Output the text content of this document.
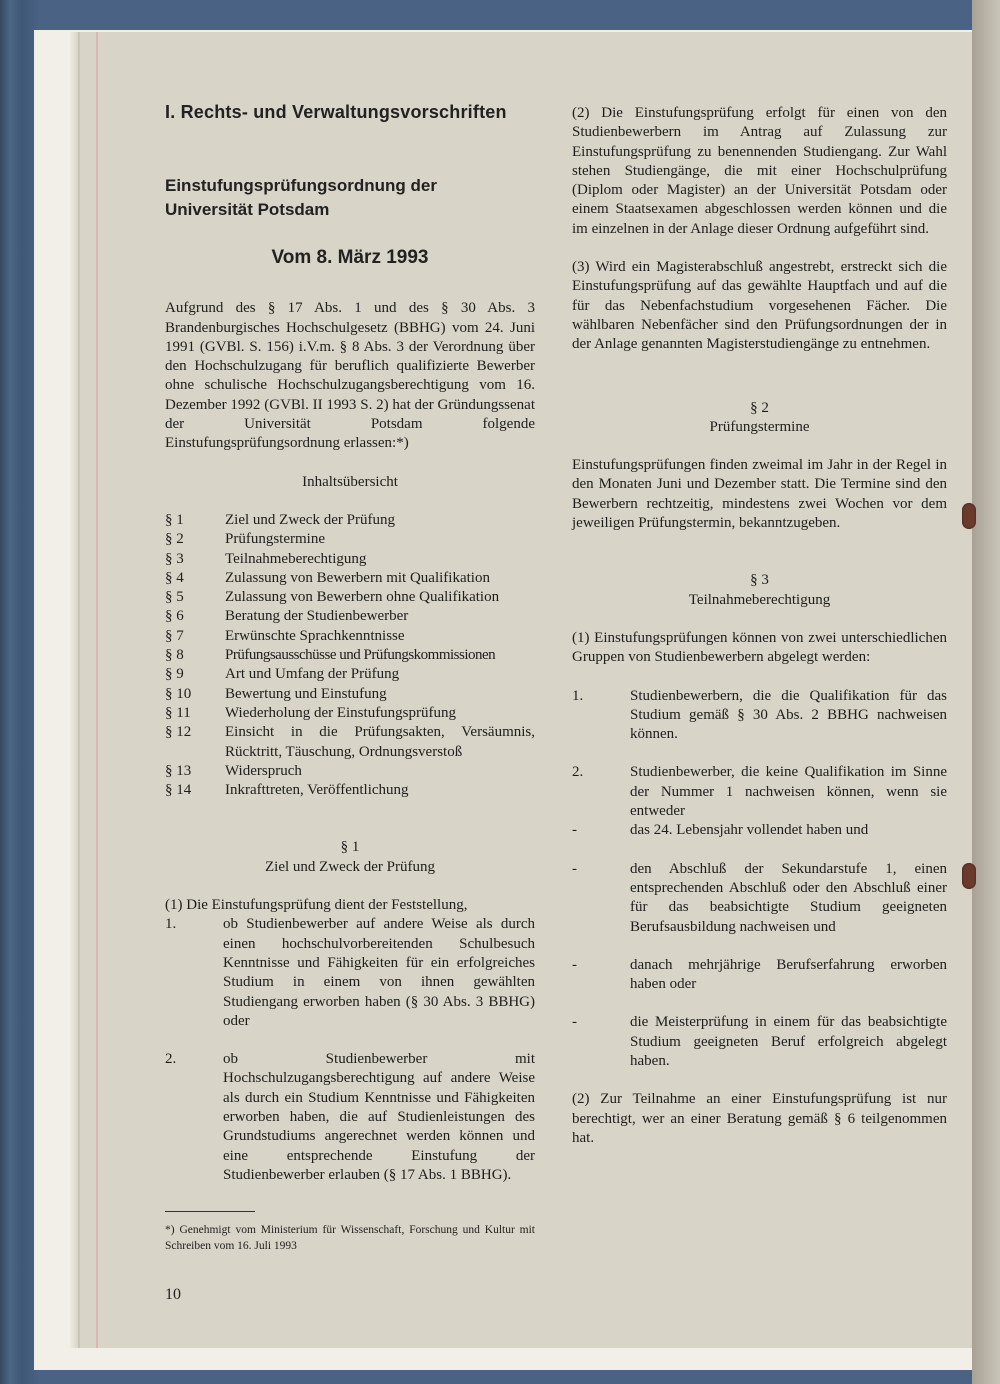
I. Rechts- und Verwaltungsvorschriften
Einstufungsprüfungsordnung der
Universität Potsdam
Vom 8. März 1993

Aufgrund des § 17 Abs. 1 und des § 30 Abs. 3 Brandenburgisches Hochschulgesetz (BBHG) vom 24. Juni 1991 (GVBl. S. 156) i.V.m. § 8 Abs. 3 der Verordnung über den Hochschulzugang für beruflich qualifizierte Bewerber ohne schulische Hochschulzugangsberechtigung vom 16. Dezember 1992 (GVBl. II 1993 S. 2) hat der Gründungssenat der Universität Potsdam folgende Einstufungsprüfungsordnung erlassen:*)

Inhaltsübersicht
§ 1	Ziel und Zweck der Prüfung
§ 2	Prüfungstermine
§ 3	Teilnahmeberechtigung
§ 4	Zulassung von Bewerbern mit Qualifikation
§ 5	Zulassung von Bewerbern ohne Qualifikation
§ 6	Beratung der Studienbewerber
§ 7	Erwünschte Sprachkenntnisse
§ 8	Prüfungsausschüsse und Prüfungskommissionen
§ 9	Art und Umfang der Prüfung
§ 10	Bewertung und Einstufung
§ 11	Wiederholung der Einstufungsprüfung
§ 12	Einsicht in die Prüfungsakten, Versäumnis, Rücktritt, Täuschung, Ordnungsverstoß
§ 13	Widerspruch
§ 14	Inkrafttreten, Veröffentlichung
§ 1
Ziel und Zweck der Prüfung

(1) Die Einstufungsprüfung dient der Feststellung,

1.	ob Studienbewerber auf andere Weise als durch einen hochschulvorbereitenden Schulbesuch Kenntnisse und Fähigkeiten für ein erfolgreiches Studium in einem von ihnen gewählten Studiengang erworben haben (§ 30 Abs. 3 BBHG) oder
2.	ob Studienbewerber mit Hochschulzugangsberechtigung auf andere Weise als durch ein Studium Kenntnisse und Fähigkeiten erworben haben, die auf Studienleistungen des Grundstudiums angerechnet werden können und eine entsprechende Einstufung der Studienbewerber erlauben (§ 17 Abs. 1 BBHG).

*) Genehmigt vom Ministerium für Wissenschaft, Forschung und Kultur mit Schreiben vom 16. Juli 1993

10

(2) Die Einstufungsprüfung erfolgt für einen von den Studienbewerbern im Antrag auf Zulassung zur Einstufungsprüfung zu benennenden Studiengang. Zur Wahl stehen Studiengänge, die mit einer Hochschulprüfung (Diplom oder Magister) an der Universität Potsdam oder einem Staatsexamen abgeschlossen werden können und die im einzelnen in der Anlage dieser Ordnung aufgeführt sind.

(3) Wird ein Magisterabschluß angestrebt, erstreckt sich die Einstufungsprüfung auf das gewählte Hauptfach und auf die für das Nebenfachstudium vorgesehenen Fächer. Die wählbaren Nebenfächer sind den Prüfungsordnungen der in der Anlage genannten Magisterstudiengänge zu entnehmen.

§ 2
Prüfungstermine

Einstufungsprüfungen finden zweimal im Jahr in der Regel in den Monaten Juni und Dezember statt. Die Termine sind den Bewerbern rechtzeitig, mindestens zwei Wochen vor dem jeweiligen Prüfungstermin, bekanntzugeben.

§ 3
Teilnahmeberechtigung

(1) Einstufungsprüfungen können von zwei unterschiedlichen Gruppen von Studienbewerbern abgelegt werden:

1.	Studienbewerbern, die die Qualifikation für das Studium gemäß § 30 Abs. 2 BBHG nachweisen können.
2.	Studienbewerber, die keine Qualifikation im Sinne der Nummer 1 nachweisen können, wenn sie entweder
-	das 24. Lebensjahr vollendet haben und
-	den Abschluß der Sekundarstufe 1, einen entsprechenden Abschluß oder den Abschluß einer für das beabsichtigte Studium geeigneten Berufsausbildung nachweisen und
-	danach mehrjährige Berufserfahrung erworben haben oder
-	die Meisterprüfung in einem für das beabsichtigte Studium geeigneten Beruf erfolgreich abgelegt haben.

(2) Zur Teilnahme an einer Einstufungsprüfung ist nur berechtigt, wer an einer Beratung gemäß § 6 teilgenommen hat.
